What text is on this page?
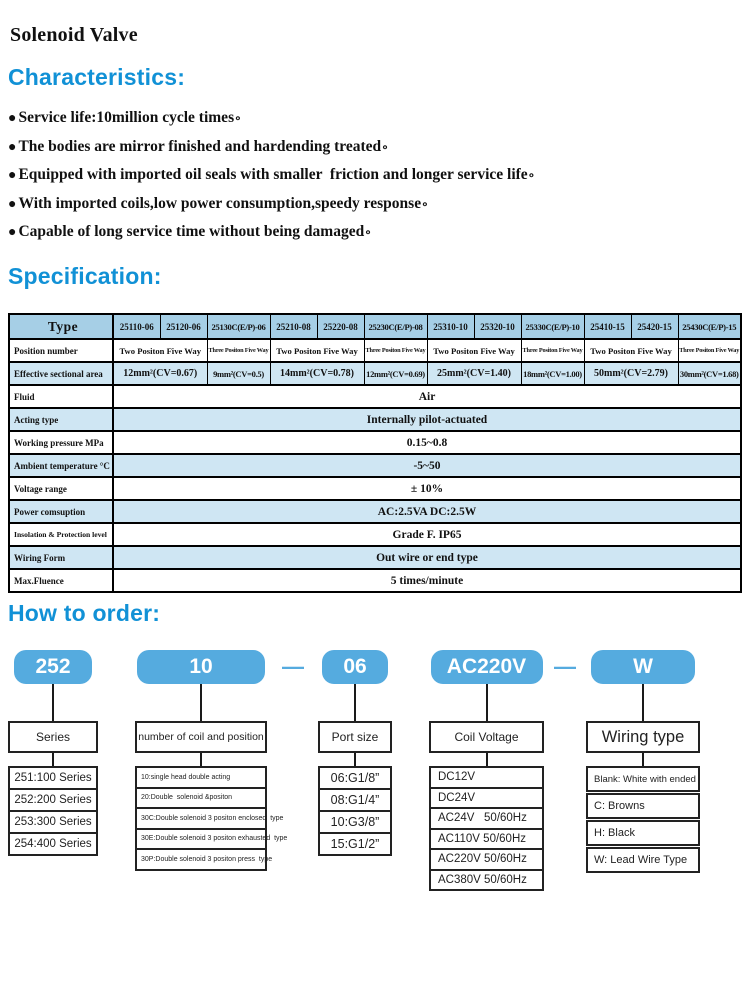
Solenoid Valve
Characteristics:
● Service life:10million cycle times∘
● The bodies are mirror finished and hardending treated∘
● Equipped with imported oil seals with smaller  friction and longer service life∘
● With imported coils,low power consumption,speedy response∘
● Capable of long service time without being damaged∘
Specification:
Type	25110-06	25120-06	25130C(E/P)-06	25210-08	25220-08	25230C(E/P)-08	25310-10	25320-10	25330C(E/P)-10	25410-15	25420-15	25430C(E/P)-15
Position number	Two Positon Five Way		Three Positon Five Way	Two Positon Five Way		Three Positon Five Way	Two Positon Five Way		Three Positon Five Way	Two Positon Five Way		Three Positon Five Way
Effective sectional area	12mm²(CV=0.67)		9mm²(CV=0.5)	14mm²(CV=0.78)		12mm²(CV=0.69)	25mm²(CV=1.40)		18mm²(CV=1.00)	50mm²(CV=2.79)		30mm²(CV=1.68)
Fluid	Air											
Acting type	Internally pilot-actuated											
Working pressure MPa	0.15~0.8											
Ambient temperature °C	-5~50											
Voltage range	± 10%											
Power comsuption	AC:2.5VA DC:2.5W											
Insolation & Protection level	Grade F. IP65											
Wiring Form	Out wire or end type											
Max.Fluence	5 times/minute											
How to order:
252
Series
251:100 Series
252:200 Series
253:300 Series
254:400 Series
10
number of coil and position
10:single head double acting
20:Double  solenoid &positon
30C:Double solenoid 3 positon enclosed  type
30E:Double solenoid 3 positon exhausted  type
30P:Double solenoid 3 positon press  type
06
Port size
06:G1/8”
08:G1/4”
10:G3/8”
15:G1/2”
AC220V
Coil Voltage
DC12V
DC24V
AC24V   50/60Hz
AC110V 50/60Hz
AC220V 50/60Hz
AC380V 50/60Hz
W
Wiring type
Blank: White with ended
C: Browns
H: Black
W: Lead Wire Type
—	—
